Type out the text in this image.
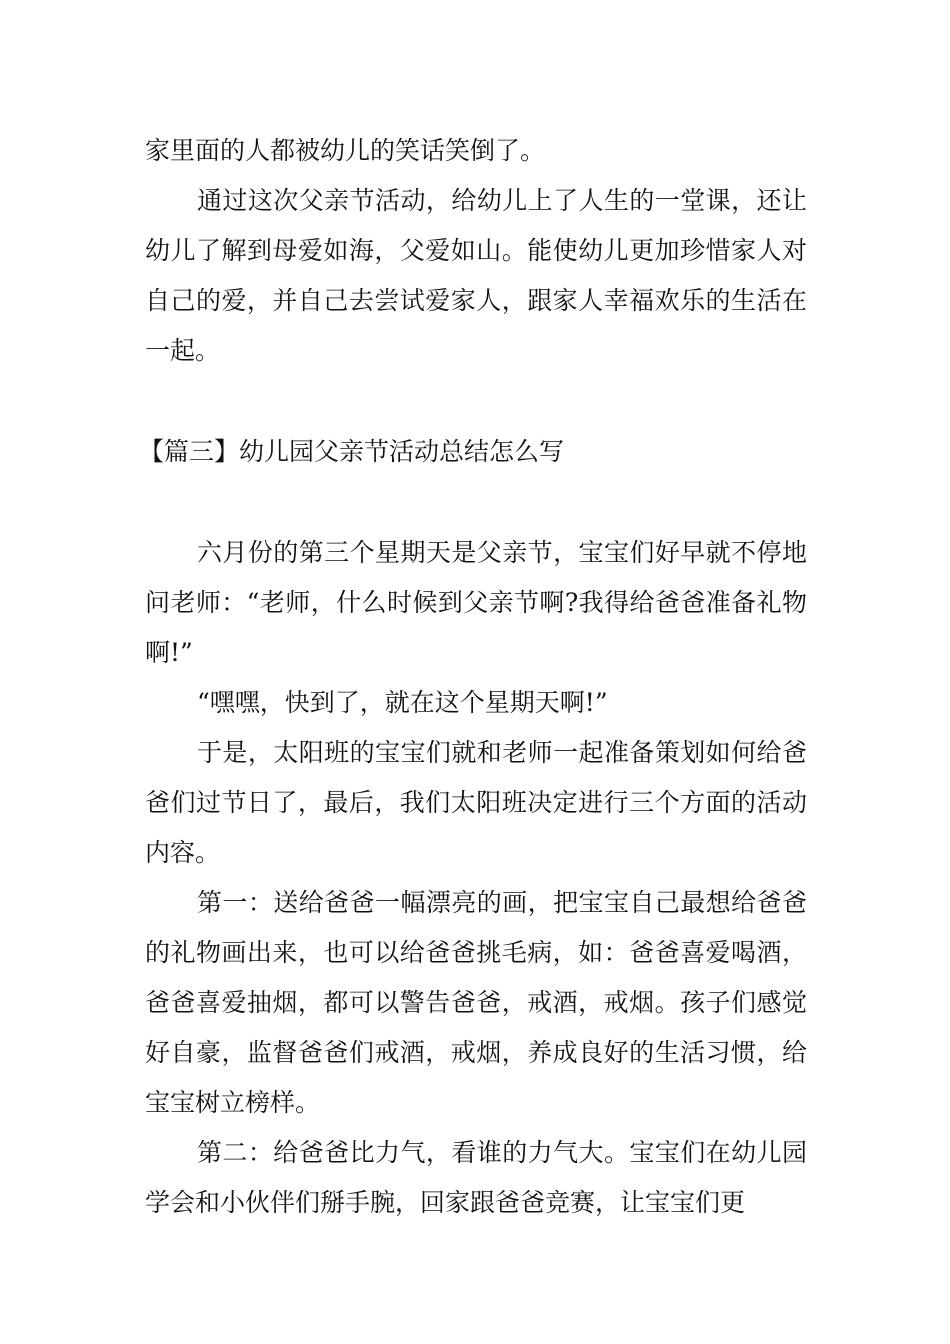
家里面的人都被幼儿的笑话笑倒了。

通过这次父亲节活动，给幼儿上了人生的一堂课，还让幼儿了解到母爱如海，父爱如山。能使幼儿更加珍惜家人对自己的爱，并自己去尝试爱家人，跟家人幸福欢乐的生活在一起。

【篇三】幼儿园父亲节活动总结怎么写

六月份的第三个星期天是父亲节，宝宝们好早就不停地问老师：“老师，什么时候到父亲节啊?我得给爸爸准备礼物啊!”

“嘿嘿，快到了，就在这个星期天啊!”

于是，太阳班的宝宝们就和老师一起准备策划如何给爸爸们过节日了，最后，我们太阳班决定进行三个方面的活动内容。

第一：送给爸爸一幅漂亮的画，把宝宝自己最想给爸爸的礼物画出来，也可以给爸爸挑毛病，如：爸爸喜爱喝酒，爸爸喜爱抽烟，都可以警告爸爸，戒酒，戒烟。孩子们感觉好自豪，监督爸爸们戒酒，戒烟，养成良好的生活习惯，给宝宝树立榜样。

第二：给爸爸比力气，看谁的力气大。宝宝们在幼儿园学会和小伙伴们掰手腕，回家跟爸爸竞赛，让宝宝们更
